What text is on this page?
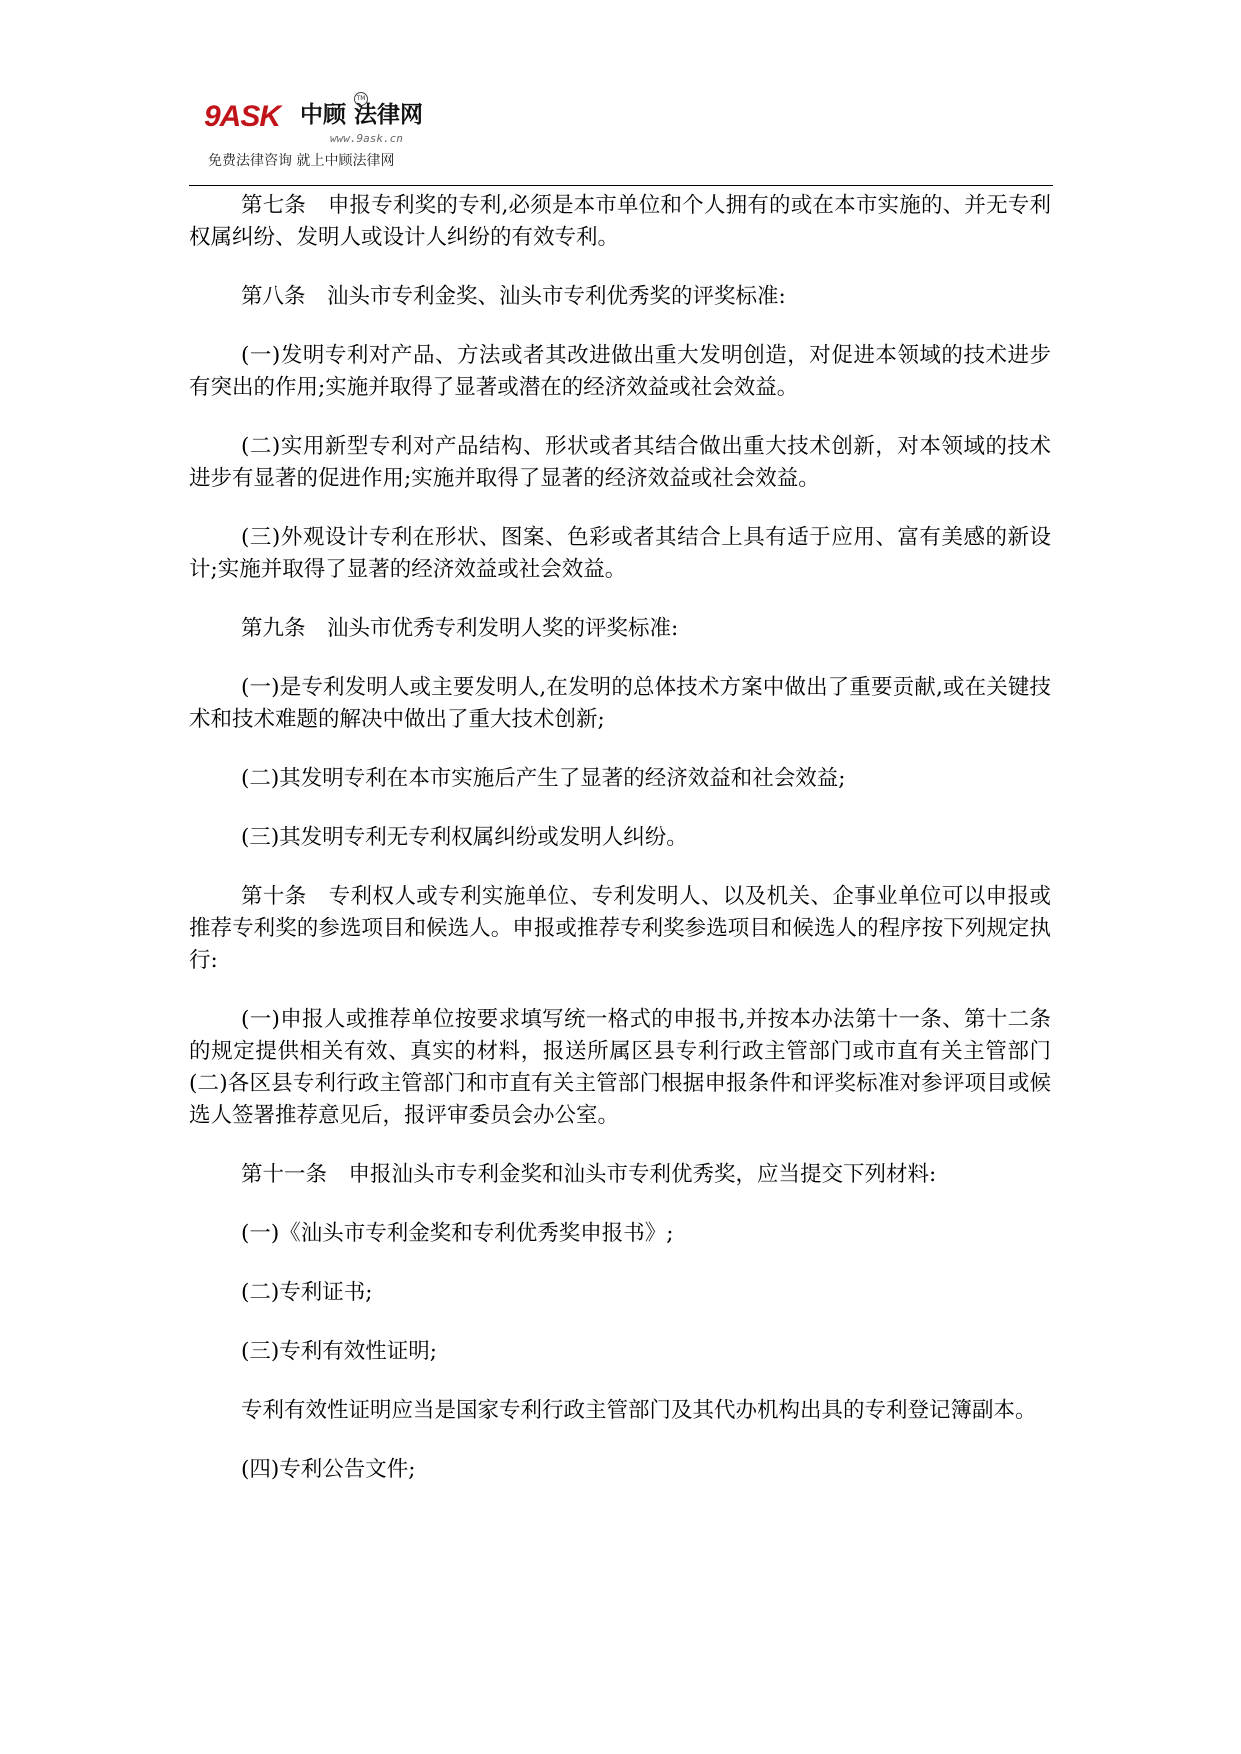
9ASK 中顾 法律网
TM
www.9ask.cn
免费法律咨询 就上中顾法律网

第七条　申报专利奖的专利,必须是本市单位和个人拥有的或在本市实施的、并无专利权属纠纷、发明人或设计人纠纷的有效专利。

第八条　汕头市专利金奖、汕头市专利优秀奖的评奖标准:

(一)发明专利对产品、方法或者其改进做出重大发明创造，对促进本领域的技术进步有突出的作用;实施并取得了显著或潜在的经济效益或社会效益。

(二)实用新型专利对产品结构、形状或者其结合做出重大技术创新，对本领域的技术进步有显著的促进作用;实施并取得了显著的经济效益或社会效益。

(三)外观设计专利在形状、图案、色彩或者其结合上具有适于应用、富有美感的新设计;实施并取得了显著的经济效益或社会效益。

第九条　汕头市优秀专利发明人奖的评奖标准:

(一)是专利发明人或主要发明人,在发明的总体技术方案中做出了重要贡献,或在关键技术和技术难题的解决中做出了重大技术创新;

(二)其发明专利在本市实施后产生了显著的经济效益和社会效益;

(三)其发明专利无专利权属纠纷或发明人纠纷。

第十条　专利权人或专利实施单位、专利发明人、以及机关、企事业单位可以申报或推荐专利奖的参选项目和候选人。申报或推荐专利奖参选项目和候选人的程序按下列规定执行:

(一)申报人或推荐单位按要求填写统一格式的申报书,并按本办法第十一条、第十二条的规定提供相关有效、真实的材料，报送所属区县专利行政主管部门或市直有关主管部门(二)各区县专利行政主管部门和市直有关主管部门根据申报条件和评奖标准对参评项目或候选人签署推荐意见后，报评审委员会办公室。

第十一条　申报汕头市专利金奖和汕头市专利优秀奖，应当提交下列材料:

(一)《汕头市专利金奖和专利优秀奖申报书》;

(二)专利证书;

(三)专利有效性证明;

专利有效性证明应当是国家专利行政主管部门及其代办机构出具的专利登记簿副本。

(四)专利公告文件;
